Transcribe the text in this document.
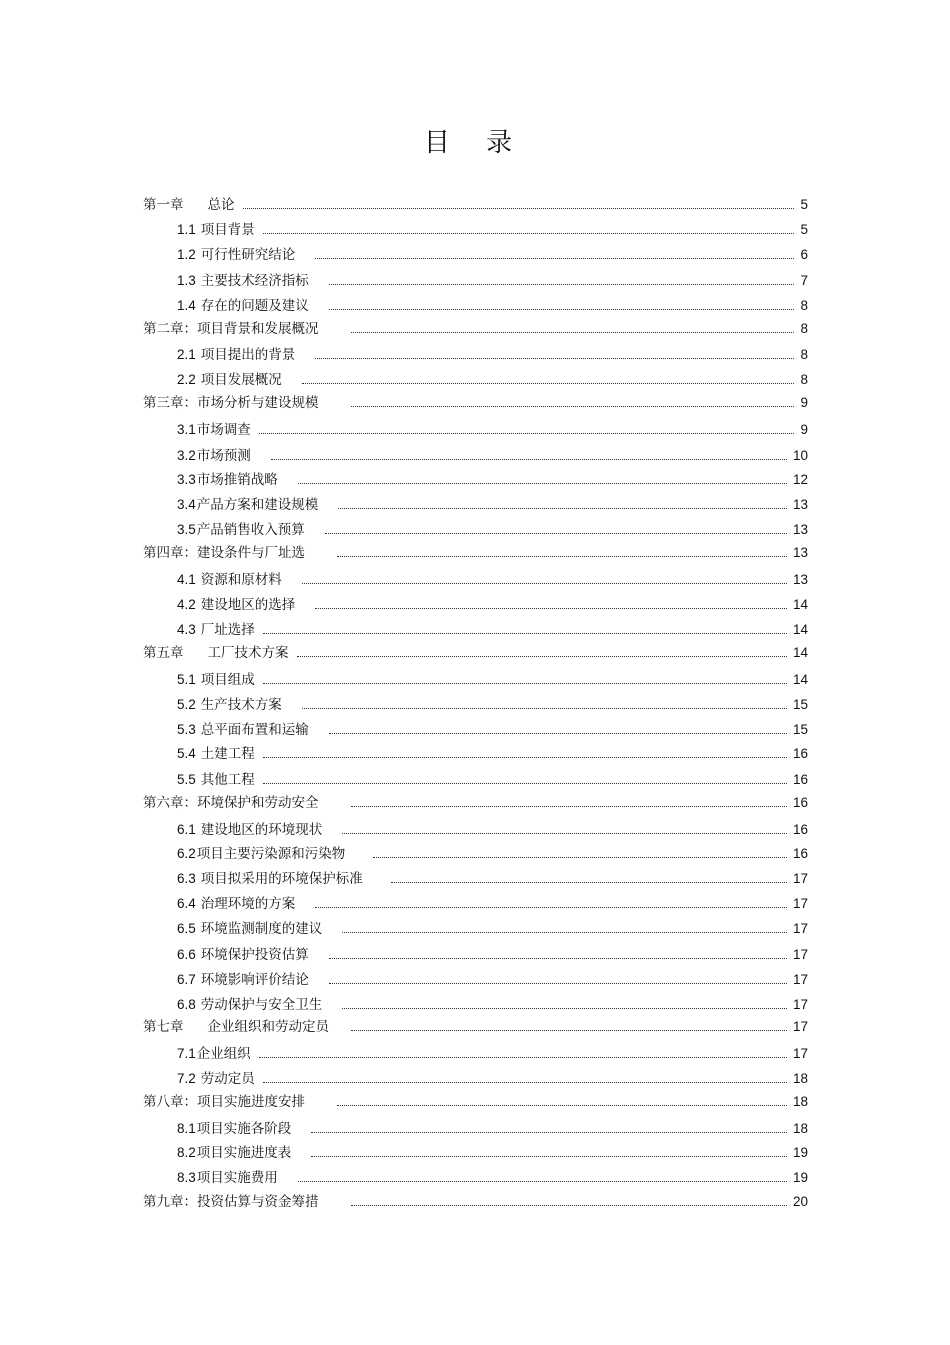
目 录
第一章 总论	5
1.1 项目背景	5
1.2 可行性研究结论	6
1.3 主要技术经济指标	7
1.4 存在的问题及建议	8
第二章：项目背景和发展概况	8
2.1 项目提出的背景	8
2.2 项目发展概况	8
第三章：市场分析与建设规模	9
3.1市场调查	9
3.2市场预测	10
3.3市场推销战略	12
3.4产品方案和建设规模	13
3.5产品销售收入预算	13
第四章：建设条件与厂址选	13
4.1 资源和原材料	13
4.2 建设地区的选择	14
4.3 厂址选择	14
第五章 工厂技术方案	14
5.1 项目组成	14
5.2 生产技术方案	15
5.3 总平面布置和运输	15
5.4 土建工程	16
5.5 其他工程	16
第六章：环境保护和劳动安全	16
6.1 建设地区的环境现状	16
6.2项目主要污染源和污染物	16
6.3 项目拟采用的环境保护标准	17
6.4 治理环境的方案	17
6.5 环境监测制度的建议	17
6.6 环境保护投资估算	17
6.7 环境影响评价结论	17
6.8 劳动保护与安全卫生	17
第七章 企业组织和劳动定员	17
7.1企业组织	17
7.2 劳动定员	18
第八章：项目实施进度安排	18
8.1项目实施各阶段	18
8.2项目实施进度表	19
8.3项目实施费用	19
第九章：投资估算与资金筹措	20
